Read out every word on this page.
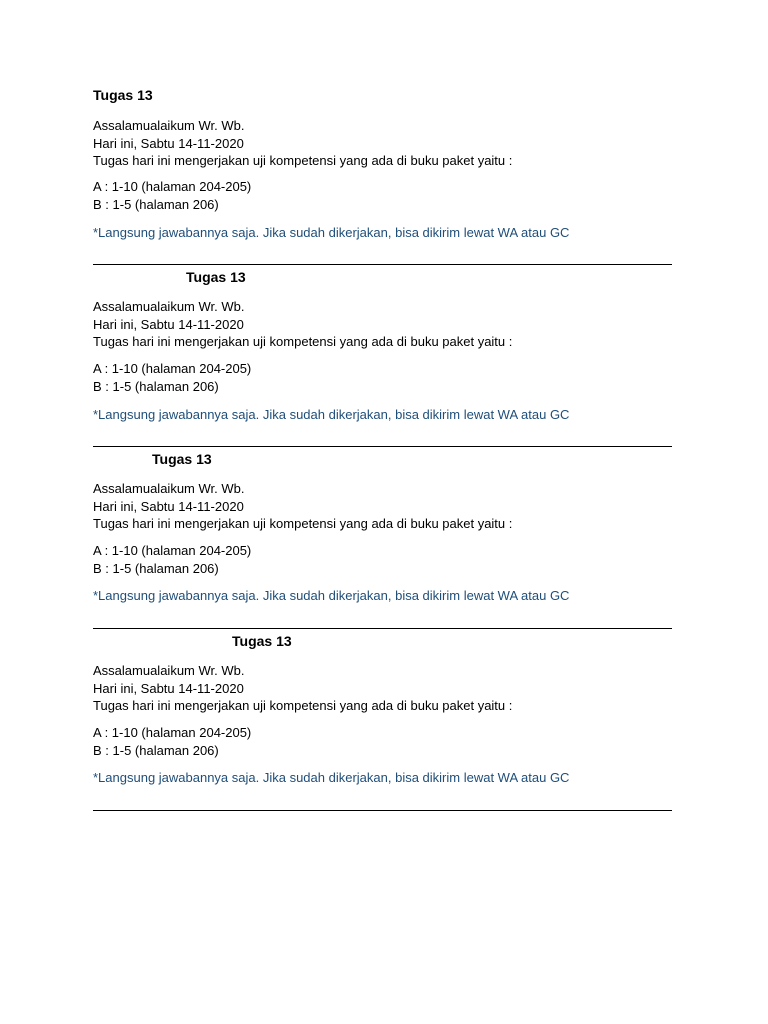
Tugas 13

Assalamualaikum Wr. Wb.

Hari ini, Sabtu 14-11-2020

Tugas hari ini mengerjakan uji kompetensi yang ada di buku paket yaitu :

A : 1-10 (halaman 204-205)

B : 1-5 (halaman 206)

*Langsung jawabannya saja. Jika sudah dikerjakan, bisa dikirim lewat WA atau GC

Tugas 13

Assalamualaikum Wr. Wb.

Hari ini, Sabtu 14-11-2020

Tugas hari ini mengerjakan uji kompetensi yang ada di buku paket yaitu :

A : 1-10 (halaman 204-205)

B : 1-5 (halaman 206)

*Langsung jawabannya saja. Jika sudah dikerjakan, bisa dikirim lewat WA atau GC

Tugas 13

Assalamualaikum Wr. Wb.

Hari ini, Sabtu 14-11-2020

Tugas hari ini mengerjakan uji kompetensi yang ada di buku paket yaitu :

A : 1-10 (halaman 204-205)

B : 1-5 (halaman 206)

*Langsung jawabannya saja. Jika sudah dikerjakan, bisa dikirim lewat WA atau GC

Tugas 13

Assalamualaikum Wr. Wb.

Hari ini, Sabtu 14-11-2020

Tugas hari ini mengerjakan uji kompetensi yang ada di buku paket yaitu :

A : 1-10 (halaman 204-205)

B : 1-5 (halaman 206)

*Langsung jawabannya saja. Jika sudah dikerjakan, bisa dikirim lewat WA atau GC
